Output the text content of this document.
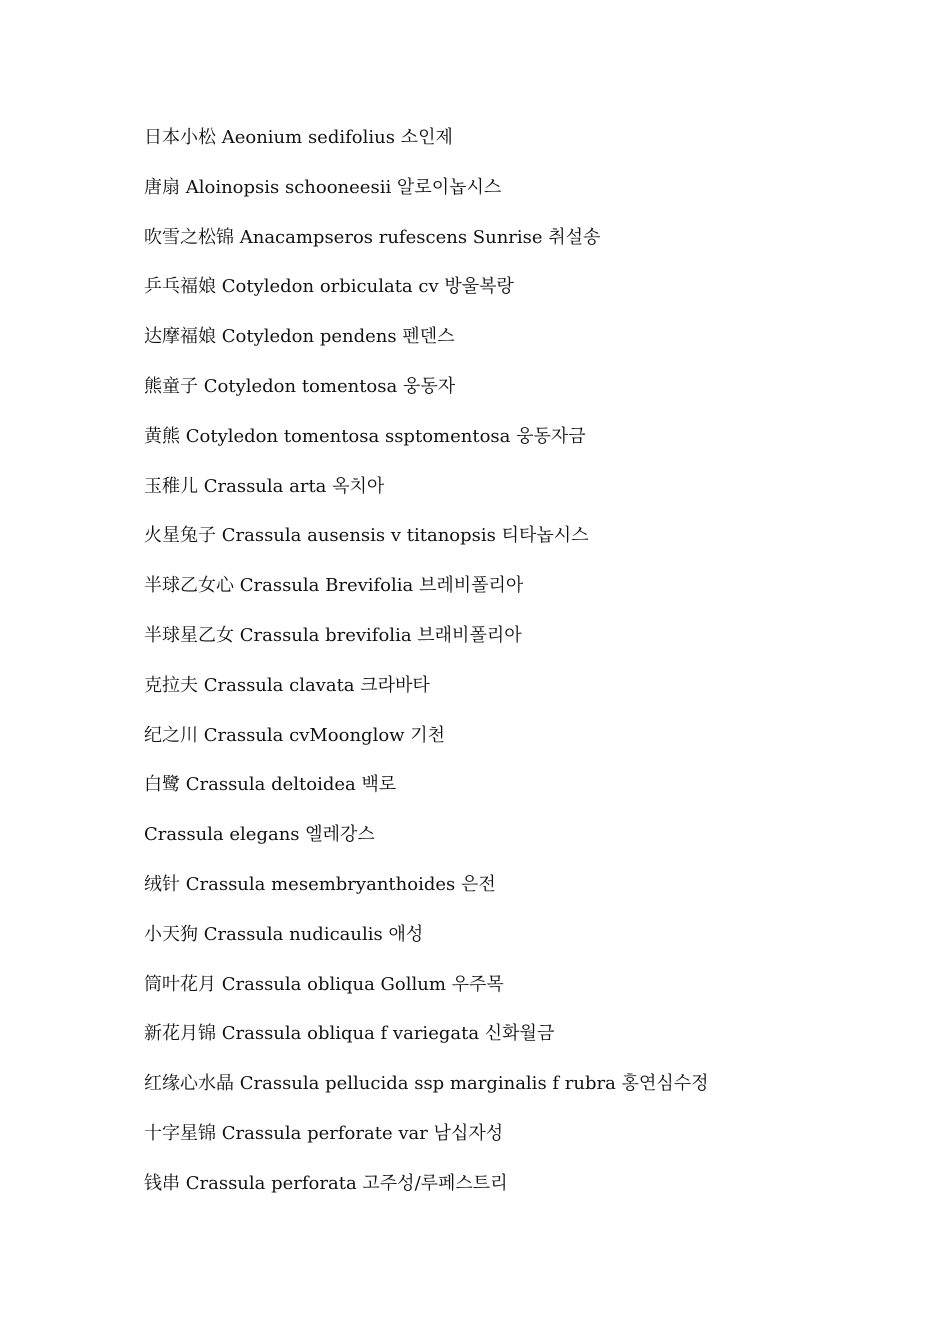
日本小松 Aeonium sedifolius 소인제
唐扇 Aloinopsis schooneesii 알로이놉시스
吹雪之松锦 Anacampseros rufescens Sunrise 취설송
乒乓福娘 Cotyledon orbiculata cv 방울복랑
达摩福娘 Cotyledon pendens 펜덴스
熊童子 Cotyledon tomentosa 웅동자
黄熊 Cotyledon tomentosa ssptomentosa 웅동자금
玉稚儿 Crassula arta 옥치아
火星兔子 Crassula ausensis v titanopsis 티타놉시스
半球乙女心 Crassula Brevifolia 브레비폴리아
半球星乙女 Crassula brevifolia 브래비폴리아
克拉夫 Crassula clavata 크라바타
纪之川 Crassula cvMoonglow 기천
白鹭 Crassula deltoidea 백로
Crassula elegans 엘레강스
绒针 Crassula mesembryanthoides 은전
小天狗 Crassula nudicaulis 애성
筒叶花月 Crassula obliqua Gollum 우주목
新花月锦 Crassula obliqua f variegata 신화월금
红缘心水晶 Crassula pellucida ssp marginalis f rubra 홍연심수정
十字星锦 Crassula perforate var 남십자성
钱串 Crassula perforata 고주성/루페스트리
